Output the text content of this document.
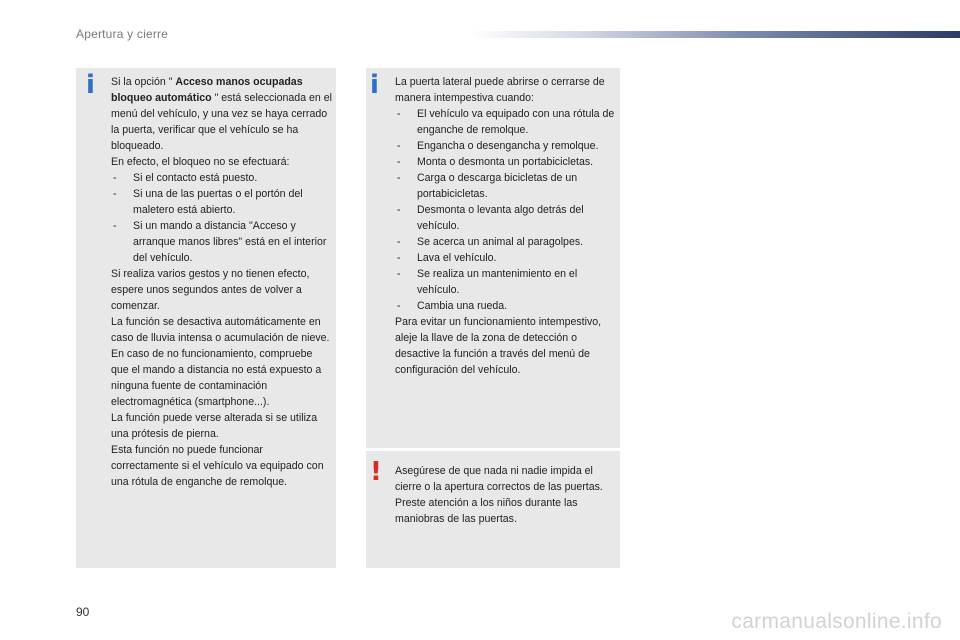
Apertura y cierre
i Si la opción " Acceso manos ocupadas bloqueo automático " está seleccionada en el menú del vehículo, y una vez se haya cerrado la puerta, verificar que el vehículo se ha bloqueado.
En efecto, el bloqueo no se efectuará:
- Si el contacto está puesto.
- Si una de las puertas o el portón del maletero está abierto.
- Si un mando a distancia "Acceso y arranque manos libres" está en el interior del vehículo.
Si realiza varios gestos y no tienen efecto, espere unos segundos antes de volver a comenzar.
La función se desactiva automáticamente en caso de lluvia intensa o acumulación de nieve.
En caso de no funcionamiento, compruebe que el mando a distancia no está expuesto a ninguna fuente de contaminación electromagnética (smartphone...).
La función puede verse alterada si se utiliza una prótesis de pierna.
Esta función no puede funcionar correctamente si el vehículo va equipado con una rótula de enganche de remolque.
i La puerta lateral puede abrirse o cerrarse de manera intempestiva cuando:
- El vehículo va equipado con una rótula de enganche de remolque.
- Engancha o desengancha y remolque.
- Monta o desmonta un portabicicletas.
- Carga o descarga bicicletas de un portabicicletas.
- Desmonta o levanta algo detrás del vehículo.
- Se acerca un animal al paragolpes.
- Lava el vehículo.
- Se realiza un mantenimiento en el vehículo.
- Cambia una rueda.
Para evitar un funcionamiento intempestivo, aleje la llave de la zona de detección o desactive la función a través del menú de configuración del vehículo.
! Asegúrese de que nada ni nadie impida el cierre o la apertura correctos de las puertas.
Preste atención a los niños durante las maniobras de las puertas.
90	carmanualsonline.info
